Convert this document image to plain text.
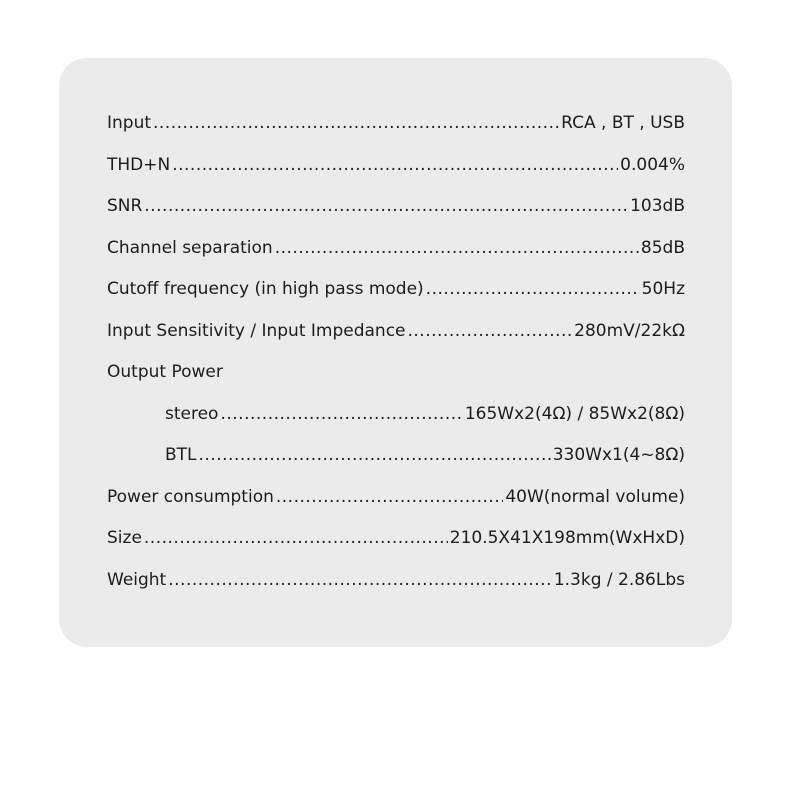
Input .....	RCA , BT , USB
THD+N .....	0.004%
SNR .....	103dB
Channel separation .....	85dB
Cutoff frequency (in high pass mode) .....	50Hz
Input Sensitivity / Input Impedance .....	280mV/22kΩ
Output Power
stereo .....	165Wx2(4Ω) / 85Wx2(8Ω)
BTL .....	330Wx1(4~8Ω)
Power consumption .....	40W(normal volume)
Size .....	210.5X41X198mm(WxHxD)
Weight .....	1.3kg / 2.86Lbs
